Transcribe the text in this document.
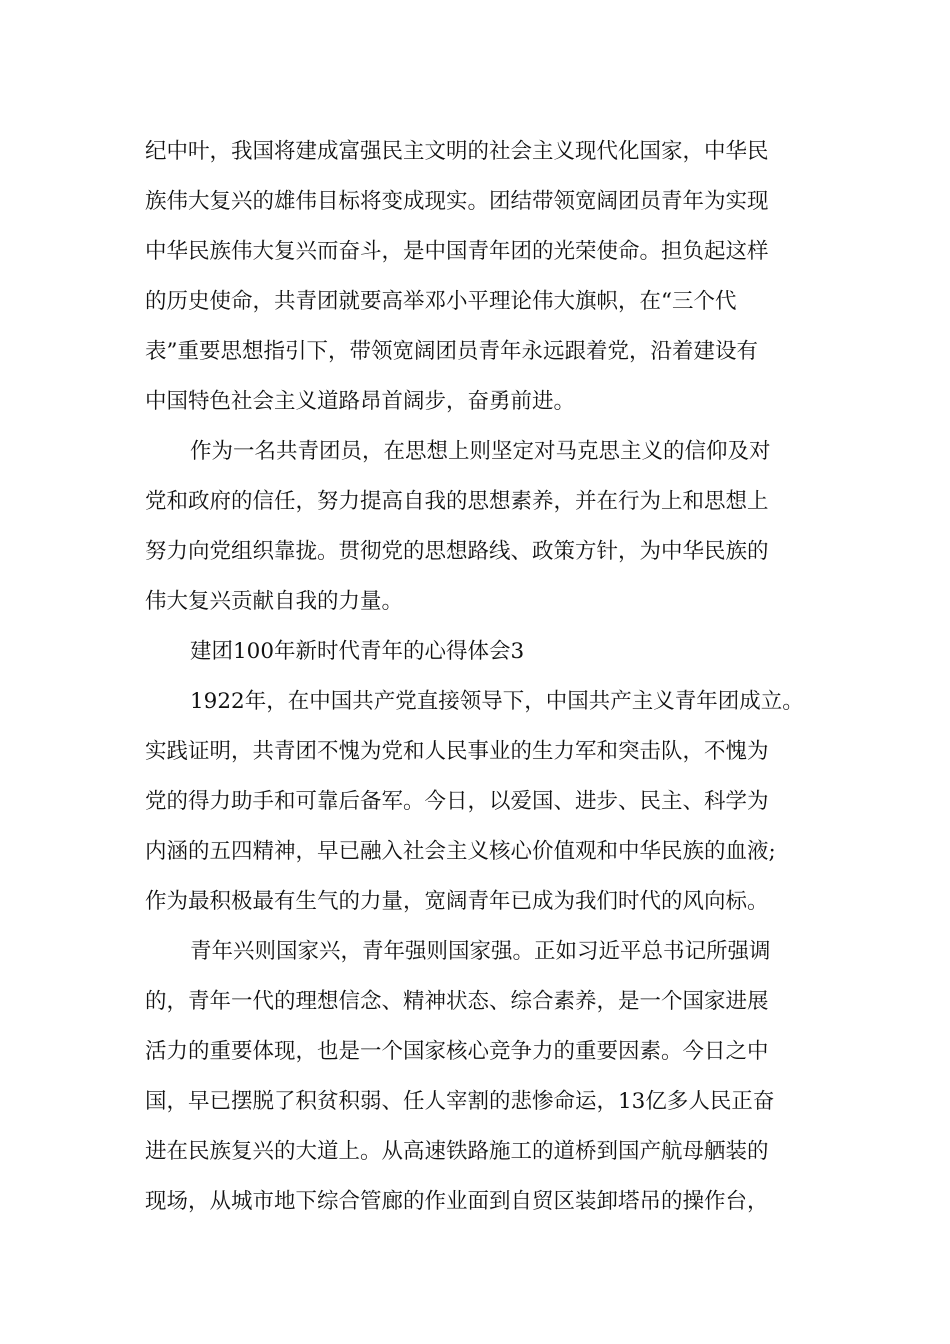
纪中叶，我国将建成富强民主文明的社会主义现代化国家，中华民
族伟大复兴的雄伟目标将变成现实。团结带领宽阔团员青年为实现
中华民族伟大复兴而奋斗，是中国青年团的光荣使命。担负起这样
的历史使命，共青团就要高举邓小平理论伟大旗帜，在“三个代
表”重要思想指引下，带领宽阔团员青年永远跟着党，沿着建设有
中国特色社会主义道路昂首阔步，奋勇前进。
作为一名共青团员，在思想上则坚定对马克思主义的信仰及对
党和政府的信任，努力提高自我的思想素养，并在行为上和思想上
努力向党组织靠拢。贯彻党的思想路线、政策方针，为中华民族的
伟大复兴贡献自我的力量。
建团100年新时代青年的心得体会3
1922年，在中国共产党直接领导下，中国共产主义青年团成立。
实践证明，共青团不愧为党和人民事业的生力军和突击队，不愧为
党的得力助手和可靠后备军。今日，以爱国、进步、民主、科学为
内涵的五四精神，早已融入社会主义核心价值观和中华民族的血液;
作为最积极最有生气的力量，宽阔青年已成为我们时代的风向标。
青年兴则国家兴，青年强则国家强。正如习近平总书记所强调
的，青年一代的理想信念、精神状态、综合素养，是一个国家进展
活力的重要体现，也是一个国家核心竞争力的重要因素。今日之中
国，早已摆脱了积贫积弱、任人宰割的悲惨命运，13亿多人民正奋
进在民族复兴的大道上。从高速铁路施工的道桥到国产航母舾装的
现场，从城市地下综合管廊的作业面到自贸区装卸塔吊的操作台，
